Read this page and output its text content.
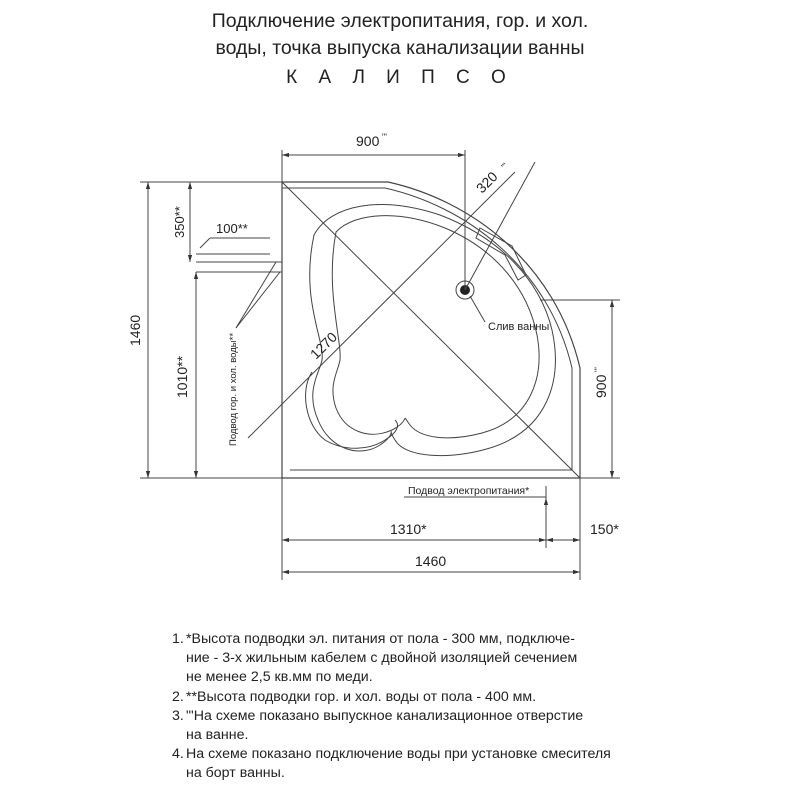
Подключение электропитания, гор. и хол.
воды, точка выпуска канализации ванны
К А Л И П С О
900 "'
320
"'
350** 100**
1460
1010**
1270
900
"'
1310*	150*
1460
Слив ванны
Подвод гор. и хол. воды**
Подвод электропитания*
1. *Высота подводки эл. питания от пола - 300 мм, подключе-
ние - 3-х жильным кабелем с двойной изоляцией сечением
не менее 2,5 кв.мм по меди.
2. **Высота подводки гор. и хол. воды от пола - 400 мм.
3. "'На схеме показано выпускное канализационное отверстие
на ванне.
4. На схеме показано подключение воды при установке смесителя
на борт ванны.
